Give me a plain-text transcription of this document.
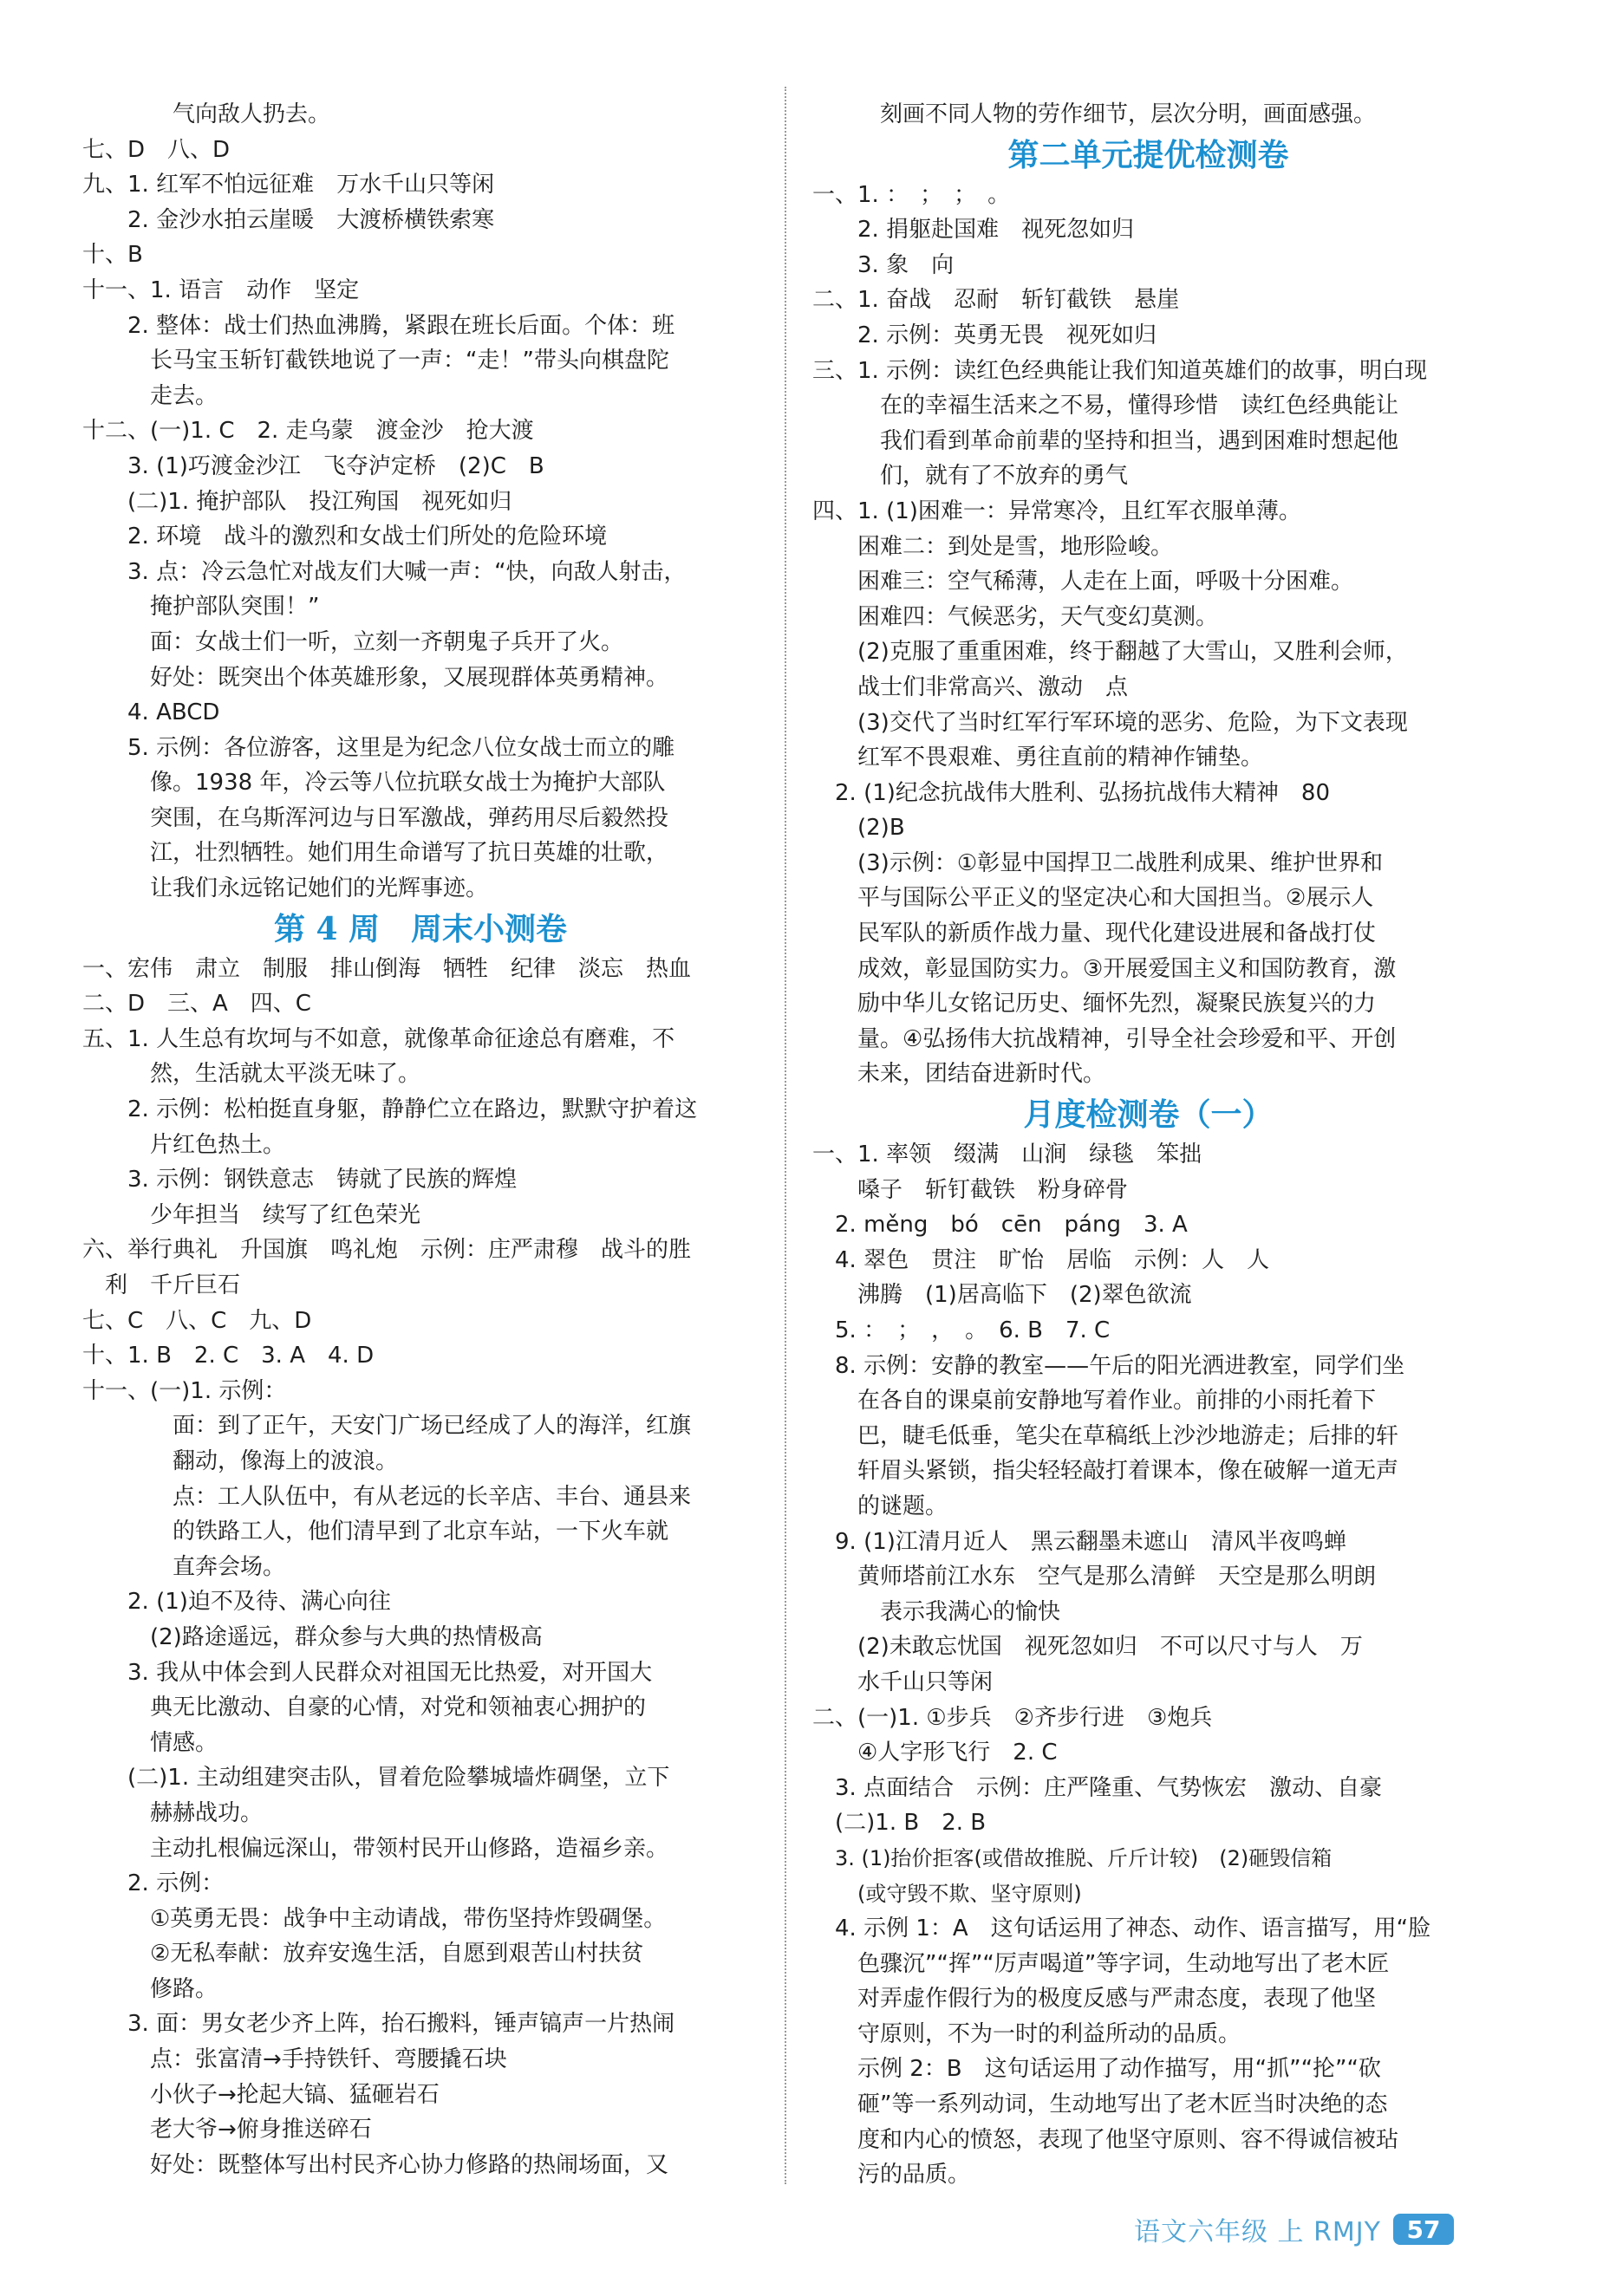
气向敌人扔去。
七、D　八、D
九、1. 红军不怕远征难　万水千山只等闲
2. 金沙水拍云崖暖　大渡桥横铁索寒
十、B
十一、1. 语言　动作　坚定
2. 整体：战士们热血沸腾，紧跟在班长后面。个体：班
长马宝玉斩钉截铁地说了一声：“走！”带头向棋盘陀
走去。
十二、(一)1. C　2. 走乌蒙　渡金沙　抢大渡
3. (1)巧渡金沙江　飞夺泸定桥　(2)C　B
(二)1. 掩护部队　投江殉国　视死如归
2. 环境　战斗的激烈和女战士们所处的危险环境
3. 点：冷云急忙对战友们大喊一声：“快，向敌人射击，
掩护部队突围！”
面：女战士们一听，立刻一齐朝鬼子兵开了火。
好处：既突出个体英雄形象，又展现群体英勇精神。
4. ABCD
5. 示例：各位游客，这里是为纪念八位女战士而立的雕
像。1938 年，冷云等八位抗联女战士为掩护大部队
突围，在乌斯浑河边与日军激战，弹药用尽后毅然投
江，壮烈牺牲。她们用生命谱写了抗日英雄的壮歌，
让我们永远铭记她们的光辉事迹。
第 4 周　周末小测卷
一、宏伟　肃立　制服　排山倒海　牺牲　纪律　淡忘　热血
二、D　三、A　四、C
五、1. 人生总有坎坷与不如意，就像革命征途总有磨难，不
然，生活就太平淡无味了。
2. 示例：松柏挺直身躯，静静伫立在路边，默默守护着这
片红色热土。
3. 示例：钢铁意志　铸就了民族的辉煌
少年担当　续写了红色荣光
六、举行典礼　升国旗　鸣礼炮　示例：庄严肃穆　战斗的胜
利　千斤巨石
七、C　八、C　九、D
十、1. B　2. C　3. A　4. D
十一、(一)1. 示例：
面：到了正午，天安门广场已经成了人的海洋，红旗
翻动，像海上的波浪。
点：工人队伍中，有从老远的长辛店、丰台、通县来
的铁路工人，他们清早到了北京车站，一下火车就
直奔会场。
2. (1)迫不及待、满心向往
(2)路途遥远，群众参与大典的热情极高
3. 我从中体会到人民群众对祖国无比热爱，对开国大
典无比激动、自豪的心情，对党和领袖衷心拥护的
情感。
(二)1. 主动组建突击队，冒着危险攀城墙炸碉堡，立下
赫赫战功。
主动扎根偏远深山，带领村民开山修路，造福乡亲。
2. 示例：
①英勇无畏：战争中主动请战，带伤坚持炸毁碉堡。
②无私奉献：放弃安逸生活，自愿到艰苦山村扶贫
修路。
3. 面：男女老少齐上阵，抬石搬料，锤声镐声一片热闹
点：张富清→手持铁钎、弯腰撬石块
小伙子→抡起大镐、猛砸岩石
老大爷→俯身推送碎石
好处：既整体写出村民齐心协力修路的热闹场面，又
刻画不同人物的劳作细节，层次分明，画面感强。
第二单元提优检测卷
一、1. ：　；　；　。
2. 捐躯赴国难　视死忽如归
3. 象　向
二、1. 奋战　忍耐　斩钉截铁　悬崖
2. 示例：英勇无畏　视死如归
三、1. 示例：读红色经典能让我们知道英雄们的故事，明白现
在的幸福生活来之不易，懂得珍惜　读红色经典能让
我们看到革命前辈的坚持和担当，遇到困难时想起他
们，就有了不放弃的勇气
四、1. (1)困难一：异常寒冷，且红军衣服单薄。
困难二：到处是雪，地形险峻。
困难三：空气稀薄，人走在上面，呼吸十分困难。
困难四：气候恶劣，天气变幻莫测。
(2)克服了重重困难，终于翻越了大雪山，又胜利会师，
战士们非常高兴、激动　点
(3)交代了当时红军行军环境的恶劣、危险，为下文表现
红军不畏艰难、勇往直前的精神作铺垫。
2. (1)纪念抗战伟大胜利、弘扬抗战伟大精神　80
(2)B
(3)示例：①彰显中国捍卫二战胜利成果、维护世界和
平与国际公平正义的坚定决心和大国担当。②展示人
民军队的新质作战力量、现代化建设进展和备战打仗
成效，彰显国防实力。③开展爱国主义和国防教育，激
励中华儿女铭记历史、缅怀先烈，凝聚民族复兴的力
量。④弘扬伟大抗战精神，引导全社会珍爱和平、开创
未来，团结奋进新时代。
月度检测卷（一）
一、1. 率领　缀满　山涧　绿毯　笨拙
嗓子　斩钉截铁　粉身碎骨
2. měng　bó　cēn　páng　3. A
4. 翠色　贯注　旷怡　居临　示例：人　人
沸腾　(1)居高临下　(2)翠色欲流
5. ：　；　，　。　6. B　7. C
8. 示例：安静的教室——午后的阳光洒进教室，同学们坐
在各自的课桌前安静地写着作业。前排的小雨托着下
巴，睫毛低垂，笔尖在草稿纸上沙沙地游走；后排的轩
轩眉头紧锁，指尖轻轻敲打着课本，像在破解一道无声
的谜题。
9. (1)江清月近人　黑云翻墨未遮山　清风半夜鸣蝉
黄师塔前江水东　空气是那么清鲜　天空是那么明朗
表示我满心的愉快
(2)未敢忘忧国　视死忽如归　不可以尺寸与人　万
水千山只等闲
二、(一)1. ①步兵　②齐步行进　③炮兵
④人字形飞行　2. C
3. 点面结合　示例：庄严隆重、气势恢宏　激动、自豪
(二)1. B　2. B
3. (1)抬价拒客(或借故推脱、斤斤计较)　(2)砸毁信箱
(或守毁不欺、坚守原则)
4. 示例 1：A　这句话运用了神态、动作、语言描写，用“脸
色骤沉”“挥”“厉声喝道”等字词，生动地写出了老木匠
对弄虚作假行为的极度反感与严肃态度，表现了他坚
守原则，不为一时的利益所动的品质。
示例 2：B　这句话运用了动作描写，用“抓”“抡”“砍
砸”等一系列动词，生动地写出了老木匠当时决绝的态
度和内心的愤怒，表现了他坚守原则、容不得诚信被玷
污的品质。
语文六年级 上 RMJY	57
